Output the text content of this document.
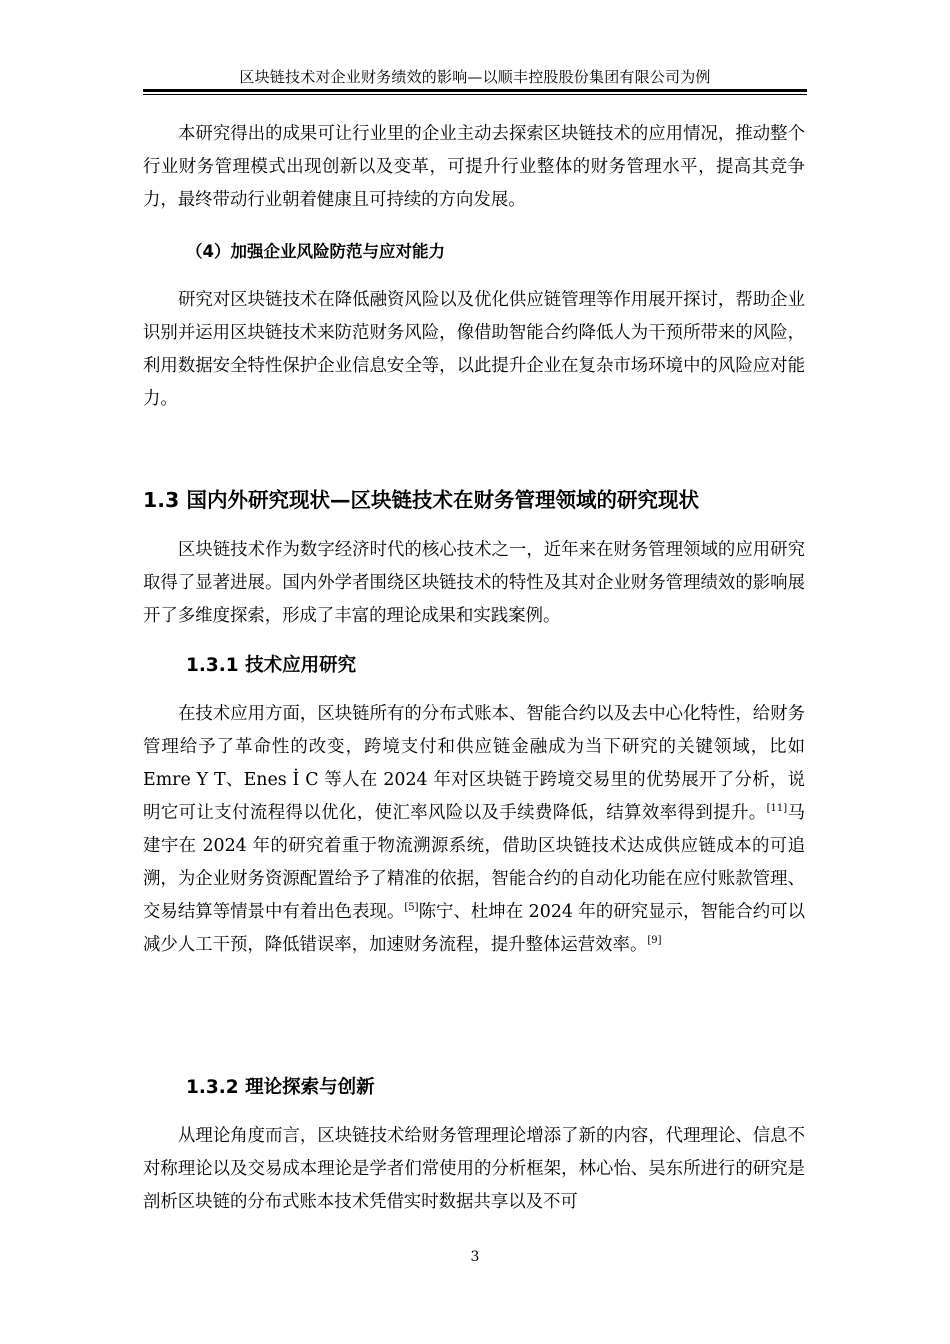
区块链技术对企业财务绩效的影响—以顺丰控股股份集团有限公司为例

本研究得出的成果可让行业里的企业主动去探索区块链技术的应用情况，推动整个行业财务管理模式出现创新以及变革，可提升行业整体的财务管理水平，提高其竞争力，最终带动行业朝着健康且可持续的方向发展。

（4）加强企业风险防范与应对能力

研究对区块链技术在降低融资风险以及优化供应链管理等作用展开探讨，帮助企业识别并运用区块链技术来防范财务风险，像借助智能合约降低人为干预所带来的风险，利用数据安全特性保护企业信息安全等，以此提升企业在复杂市场环境中的风险应对能力。

1.3 国内外研究现状—区块链技术在财务管理领域的研究现状

区块链技术作为数字经济时代的核心技术之一，近年来在财务管理领域的应用研究取得了显著进展。国内外学者围绕区块链技术的特性及其对企业财务管理绩效的影响展开了多维度探索，形成了丰富的理论成果和实践案例。

1.3.1 技术应用研究

在技术应用方面，区块链所有的分布式账本、智能合约以及去中心化特性，给财务管理给予了革命性的改变，跨境支付和供应链金融成为当下研究的关键领域，比如 Emre Y T、Enes İ C 等人在 2024 年对区块链于跨境交易里的优势展开了分析，说明它可让支付流程得以优化，使汇率风险以及手续费降低，结算效率得到提升。[11]马建宇在 2024 年的研究着重于物流溯源系统，借助区块链技术达成供应链成本的可追溯，为企业财务资源配置给予了精准的依据，智能合约的自动化功能在应付账款管理、交易结算等情景中有着出色表现。[5]陈宁、杜坤在 2024 年的研究显示，智能合约可以减少人工干预，降低错误率，加速财务流程，提升整体运营效率。[9]

1.3.2 理论探索与创新

从理论角度而言，区块链技术给财务管理理论增添了新的内容，代理理论、信息不对称理论以及交易成本理论是学者们常使用的分析框架，林心怡、吴东所进行的研究是剖析区块链的分布式账本技术凭借实时数据共享以及不可

3
